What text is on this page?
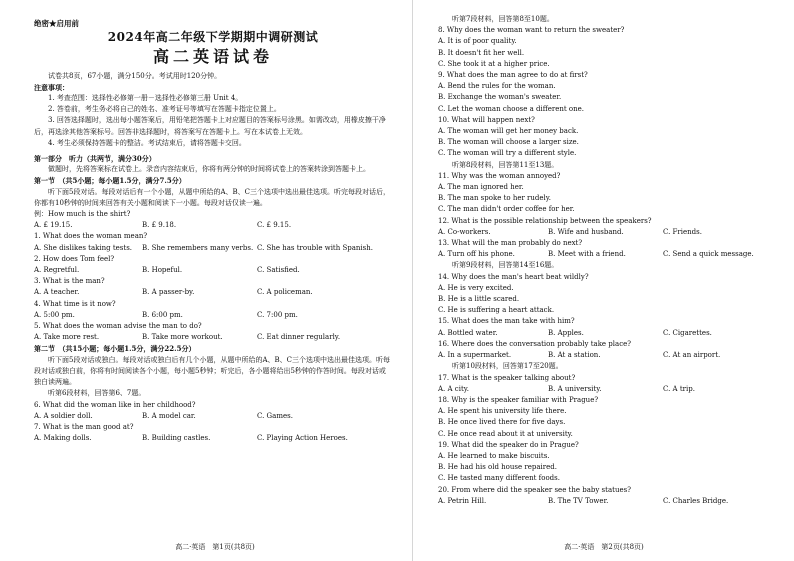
绝密★启用前
2024年高二年级下学期期中调研测试
高二英语试卷

试卷共8页，67小题，满分150分。考试用时120分钟。

注意事项：

1. 考查范围：选择性必修第一册－选择性必修第三册 Unit 4。

2. 答卷前，考生务必将自己的姓名、准考证号等填写在答题卡指定位置上。

3. 回答选择题时，选出每小题答案后，用铅笔把答题卡上对应题目的答案标号涂黑。如需改动，用橡皮擦干净后，再选涂其他答案标号。回答非选择题时，将答案写在答题卡上。写在本试卷上无效。

4. 考生必须保持答题卡的整洁。考试结束后，请将答题卡交回。

第一部分　听力（共两节，满分30分）

做题时，先将答案标在试卷上。录音内容结束后，你将有两分钟的时间将试卷上的答案转涂到答题卡上。

第一节　（共5小题；每小题1.5分，满分7.5分）

听下面5段对话。每段对话后有一个小题，从题中所给的A、B、C三个选项中选出最佳选项。听完每段对话后，你都有10秒钟的时间来回答有关小题和阅读下一小题。每段对话仅读一遍。

例：How much is the shirt?

A. £ 19.15.	B. £ 9.18.	C. £ 9.15.

1. What does the woman mean?

A. She dislikes taking tests.	B. She remembers many verbs. C. She has trouble with Spanish.

2. How does Tom feel?

A. Regretful.	B. Hopeful.	C. Satisfied.

3. What is the man?

A. A teacher.	B. A passer-by.	C. A policeman.

4. What time is it now?

A. 5:00 pm.	B. 6:00 pm.	C. 7:00 pm.

5. What does the woman advise the man to do?

A. Take more rest.	B. Take more workout.	C. Eat dinner regularly.

第二节　（共15小题；每小题1.5分，满分22.5分）

听下面5段对话或独白。每段对话或独白后有几个小题，从题中所给的A、B、C三个选项中选出最佳选项。听每段对话或独白前，你将有时间阅读各个小题，每小题5秒钟；听完后，各小题将给出5秒钟的作答时间。每段对话或独白读两遍。

听第6段材料，回答第6、7题。

6. What did the woman like in her childhood?

A. A soldier doll.	B. A model car.	C. Games.

7. What is the man good at?

A. Making dolls.	B. Building castles.	C. Playing Action Heroes.
高二·英语　第1页(共8页)

听第7段材料，回答第8至10题。

8. Why does the woman want to return the sweater?

A. It is of poor quality.

B. It doesn't fit her well.

C. She took it at a higher price.

9. What does the man agree to do at first?

A. Bend the rules for the woman.

B. Exchange the woman's sweater.

C. Let the woman choose a different one.

10. What will happen next?

A. The woman will get her money back.

B. The woman will choose a larger size.

C. The woman will try a different style.

听第8段材料，回答第11至13题。

11. Why was the woman annoyed?

A. The man ignored her.

B. The man spoke to her rudely.

C. The man didn't order coffee for her.

12. What is the possible relationship between the speakers?

A. Co-workers.	B. Wife and husband.	C. Friends.

13. What will the man probably do next?

A. Turn off his phone.	B. Meet with a friend.	C. Send a quick message.

听第9段材料，回答第14至16题。

14. Why does the man's heart beat wildly?

A. He is very excited.

B. He is a little scared.

C. He is suffering a heart attack.

15. What does the man take with him?

A. Bottled water.	B. Apples.	C. Cigarettes.

16. Where does the conversation probably take place?

A. In a supermarket.	B. At a station.	C. At an airport.

听第10段材料，回答第17至20题。

17. What is the speaker talking about?

A. A city.	B. A university.	C. A trip.

18. Why is the speaker familiar with Prague?

A. He spent his university life there.

B. He once lived there for five days.

C. He once read about it at university.

19. What did the speaker do in Prague?

A. He learned to make biscuits.

B. He had his old house repaired.

C. He tasted many different foods.

20. From where did the speaker see the baby statues?

A. Petrin Hill.	B. The TV Tower.	C. Charles Bridge.
高二·英语　第2页(共8页)
